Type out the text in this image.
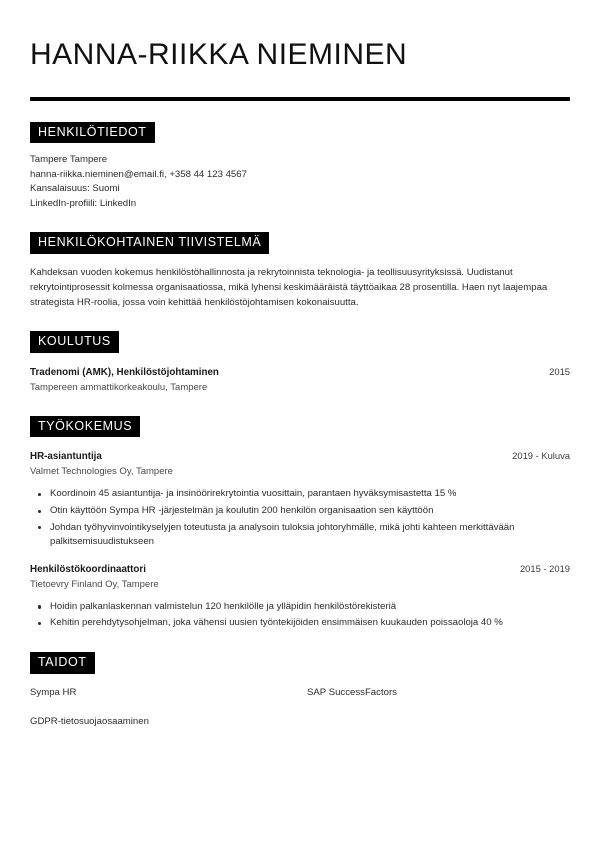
HANNA-RIIKKA NIEMINEN
HENKILÖTIEDOT
Tampere Tampere
hanna-riikka.nieminen@email.fi, +358 44 123 4567
Kansalaisuus: Suomi
LinkedIn-profiili: LinkedIn
HENKILÖKOHTAINEN TIIVISTELMÄ
Kahdeksan vuoden kokemus henkilöstöhallinnosta ja rekrytoinnista teknologia- ja teollisuusyrityksissä. Uudistanut rekrytointiprosessit kolmessa organisaatiossa, mikä lyhensi keskimääräistä täyttöaikaa 28 prosentilla. Haen nyt laajempaa strategista HR-roolia, jossa voin kehittää henkilöstöjohtamisen kokonaisuutta.
KOULUTUS
Tradenomi (AMK), Henkilöstöjohtaminen	2015
Tampereen ammattikorkeakoulu, Tampere
TYÖKOKEMUS
HR-asiantuntija	2019 - Kuluva
Valmet Technologies Oy, Tampere
Koordinoin 45 asiantuntija- ja insinöörirekrytointia vuosittain, parantaen hyväksymisastetta 15 %
Otin käyttöön Sympa HR -järjestelmän ja koulutin 200 henkilön organisaation sen käyttöön
Johdan työhyvinvointikyselyjen toteutusta ja analysoin tuloksia johtoryhmälle, mikä johti kahteen merkittävään palkitsemisuudistukseen
Henkilöstökoordinaattori	2015 - 2019
Tietoevry Finland Oy, Tampere
Hoidin palkanlaskennan valmistelun 120 henkilölle ja ylläpidin henkilöstörekisteriä
Kehitin perehdytysohjelman, joka vähensi uusien työntekijöiden ensimmäisen kuukauden poissaoloja 40 %
TAIDOT
Sympa HR	SAP SuccessFactors
GDPR-tietosuojaosaaminen
